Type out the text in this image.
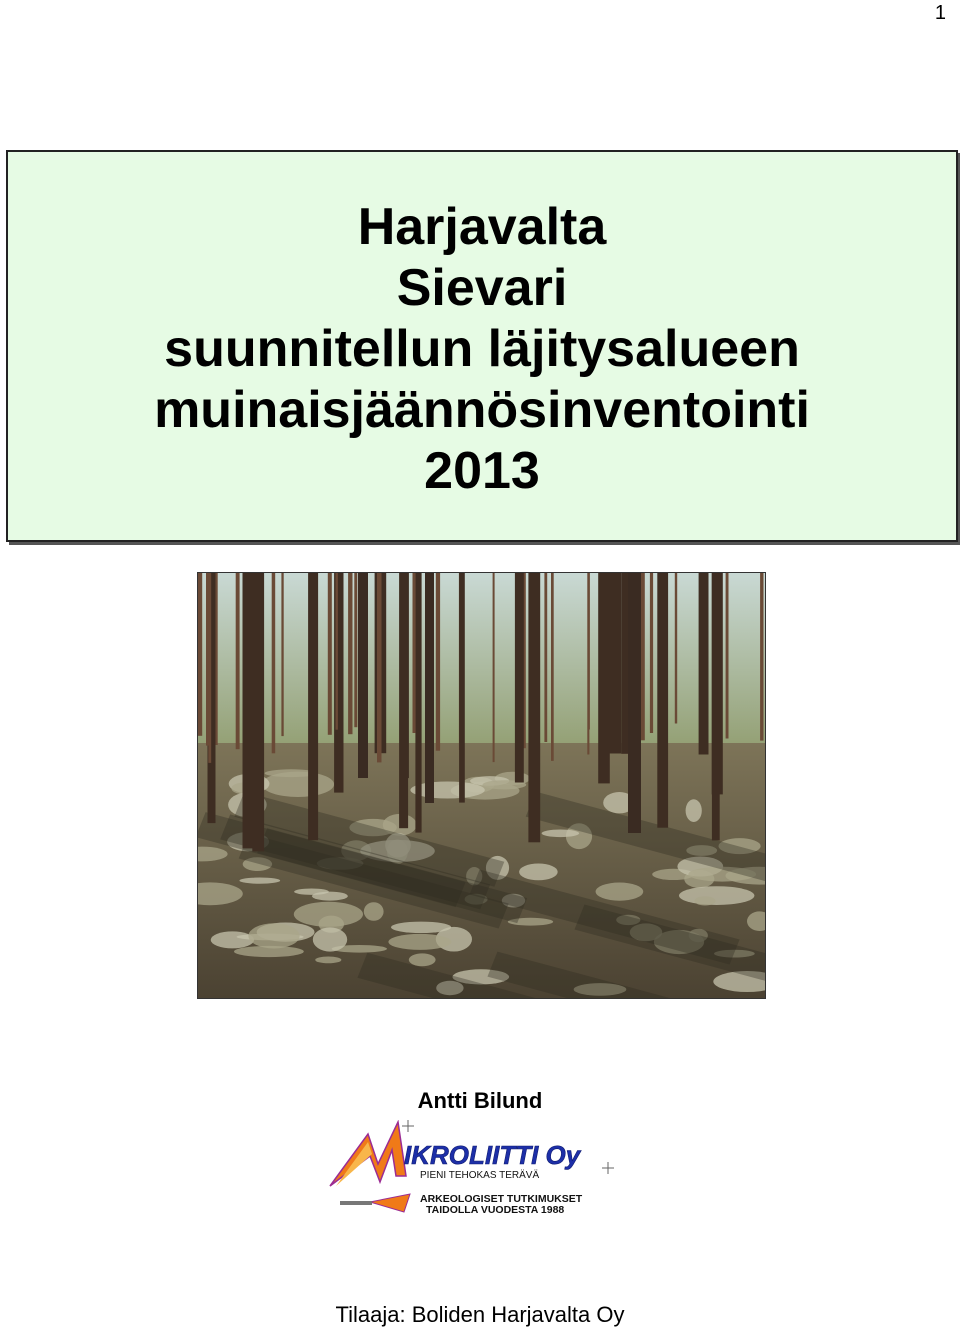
1
Harjavalta
Sievari
suunnitellun läjitysalueen
muinaisjäännösinventointi
2013
Antti Bilund
IKROLIITTI Oy
PIENI TEHOKAS TERÄVÄ
ARKEOLOGISET TUTKIMUKSET
TAIDOLLA VUODESTA 1988
Tilaaja: Boliden Harjavalta Oy
